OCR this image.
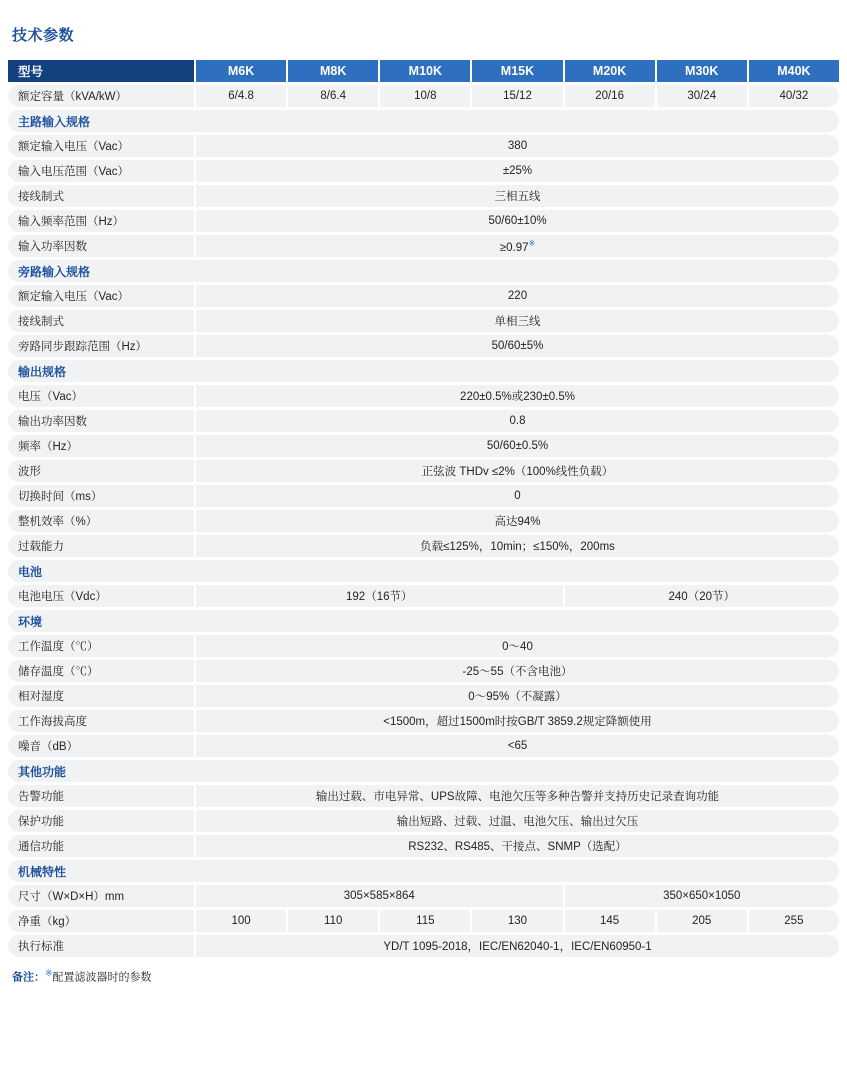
技术参数
型号	M6K	M8K	M10K	M15K	M20K	M30K	M40K
额定容量（kVA/kW）	6/4.8	8/6.4	10/8	15/12	20/16	30/24	40/32
主路输入规格							
额定输入电压（Vac）	380						
输入电压范围（Vac）	±25%						
接线制式	三相五线						
输入频率范围（Hz）	50/60±10%						
输入功率因数	≥0.97※
旁路输入规格							
额定输入电压（Vac）	220						
接线制式	单相三线						
旁路同步跟踪范围（Hz）	50/60±5%						
输出规格							
电压（Vac）	220±0.5%或230±0.5%						
输出功率因数	0.8						
频率（Hz）	50/60±0.5%						
波形	正弦波 THDv ≤2%（100%线性负载）						
切换时间（ms）	0						
整机效率（%）	高达94%						
过载能力	负载≤125%，10min；≤150%，200ms						
电池							
电池电压（Vdc）	192（16节）				240（20节）		
环境							
工作温度（℃）	0～40						
储存温度（℃）	-25～55（不含电池）						
相对湿度	0～95%（不凝露）						
工作海拔高度	<1500m，超过1500m时按GB/T 3859.2规定降额使用						
噪音（dB）	<65						
其他功能							
告警功能	输出过载、市电异常、UPS故障、电池欠压等多种告警并支持历史记录查询功能						
保护功能	输出短路、过载、过温、电池欠压、输出过欠压						
通信功能	RS232、RS485、干接点、SNMP（选配）						
机械特性							
尺寸（W×D×H）mm	305×585×864				350×650×1050		
净重（kg）	100	110	115	130	145	205	255
执行标准	YD/T 1095-2018，IEC/EN62040-1，IEC/EN60950-1						
备注：※配置滤波器时的参数
